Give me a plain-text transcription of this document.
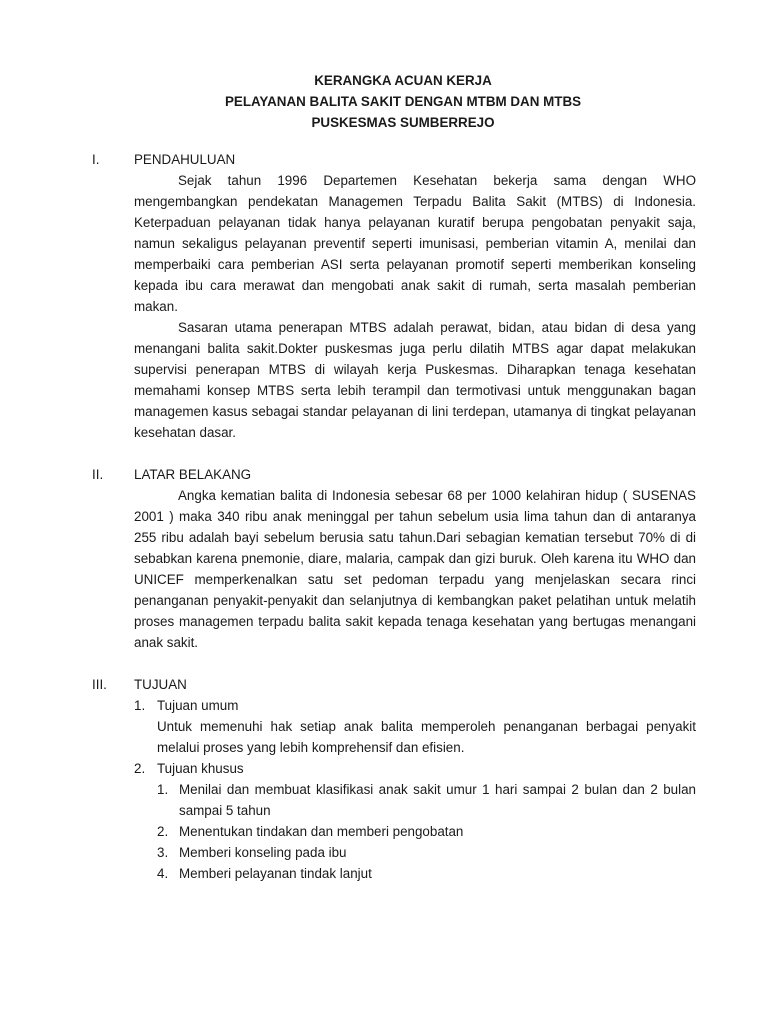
KERANGKA ACUAN KERJA
PELAYANAN BALITA SAKIT DENGAN MTBM DAN MTBS
PUSKESMAS SUMBERREJO
I.	PENDAHULUAN

Sejak tahun 1996 Departemen Kesehatan bekerja sama dengan WHO mengembangkan pendekatan Managemen Terpadu Balita Sakit (MTBS) di Indonesia. Keterpaduan pelayanan tidak hanya pelayanan kuratif berupa pengobatan penyakit saja, namun sekaligus pelayanan preventif seperti imunisasi, pemberian vitamin A, menilai dan memperbaiki cara pemberian ASI serta pelayanan promotif seperti memberikan konseling kepada ibu cara merawat dan mengobati anak sakit di rumah, serta masalah pemberian makan.

Sasaran utama penerapan MTBS adalah perawat, bidan, atau bidan di desa yang menangani balita sakit.Dokter puskesmas juga perlu dilatih MTBS agar dapat melakukan supervisi penerapan MTBS di wilayah kerja Puskesmas. Diharapkan tenaga kesehatan memahami konsep MTBS serta lebih terampil dan termotivasi untuk menggunakan bagan managemen kasus sebagai standar pelayanan di lini terdepan, utamanya di tingkat pelayanan kesehatan dasar.

II. LATAR BELAKANG

Angka kematian balita di Indonesia sebesar 68 per 1000 kelahiran hidup ( SUSENAS 2001 ) maka 340 ribu anak meninggal per tahun sebelum usia lima tahun dan di antaranya 255 ribu adalah bayi sebelum berusia satu tahun.Dari sebagian kematian tersebut 70% di di sebabkan karena pnemonie, diare, malaria, campak dan gizi buruk. Oleh karena itu WHO dan UNICEF memperkenalkan satu set pedoman terpadu yang menjelaskan secara rinci penanganan penyakit-penyakit dan selanjutnya di kembangkan paket pelatihan untuk melatih proses managemen terpadu balita sakit kepada tenaga kesehatan yang bertugas menangani anak sakit.

III. TUJUAN
1. Tujuan umum

Untuk memenuhi hak setiap anak balita memperoleh penanganan berbagai penyakit melalui proses yang lebih komprehensif dan efisien.

2. Tujuan khusus
1. Menilai dan membuat klasifikasi anak sakit umur 1 hari sampai 2 bulan dan 2 bulan sampai 5 tahun
2. Menentukan tindakan dan memberi pengobatan
3. Memberi konseling pada ibu
4. Memberi pelayanan tindak lanjut
